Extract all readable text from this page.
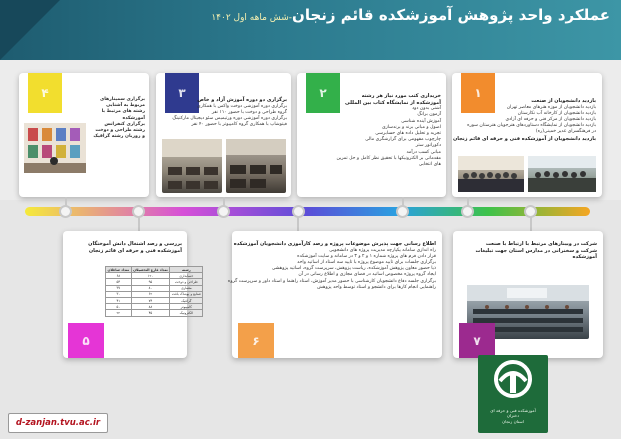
عملکرد واحد پژوهش آموزشکده قائم زنجان-شش ماهه اول ۱۴۰۲
۱
بازدید دانشجویان از صنعت
بازدید دانشجویان از موزه هنرهای معاصر تهران
بازدید دانشجویان از کارخانه آب نکارستان
بازدید دانشجویان از مرکز فنی و حرفه ای آزادی
بازدید دانشجویان از نمایشگاه دستاوردهای هنرجویان هنرستان سوره
در فرهنگسرای غدیر خمینی(ره)
بازدید دانشجویان از آموزشکده فنی و حرفه ای قائم زنجان
۲	خریداری کتب مورد نیاز هر رشته
آموزشکده از نمایشگاه کتاب بین المللی
آشنی بدون دود
آزمون برانگ
آموزش آینده شناسی
اصول و مبانی برند و برندسازی
تجربه و تحلیل داده های حسابرسی
چارچوب مفهومی برای گزارشگری مالی
دکوراتور ستر
مبانی کسب درآمد
مقدماتی بر الکترونیکها با تحقیق نظر کامل و حل تمرین
های انتخابی
۳	برگزاری دو دوره آموزش آزاد و خاص
برگزاری دوره آموزشی دوخت واکس با همکاری
گروه طراحی و دوخت با حضور ۱۱۰ نفر
برگزاری دوره آموزشی دوره ورتیمیس سئو دیجیتال مارکتینگ
فیتوشاپ با همکاری گروه کامپیوتر با حضور ۴۰ نفر
۴	برگزاری سمینارهای
مربوط به آشنایی
رشته های مرتبط با
آموزشکده
برگزاری کنفرانس
رشته طراحی و دوخت
و زوزبان رشته گرافیک
بررسی و رصد اشتغال دانش آموختگان
آموزشکده فنی و حرفه ای قائم زنجان
رشته	تعداد فارغ التحصیلان	تعداد شاغلان
حسابداری	۱۲۰	۶۸
طراحی و دوخت	۹۵	۵۴
معماری	۸۰	۳۷
صنایع و پوشاک بافت	۶۲	۳۰
گرافیک	۷۴	۴۱
کامپیوتر	۸۸	۵۰
الکترونیک	۴۵	۲۲
۵
اطلاع رسانی جهت پذیرش موضوعات پروژه و رصد کارآموزی دانشجویان آموزشکده
راه اندازی سامانه یکپارچه مدیریت پروژه های دانشجویی
قرار دادن فرم های پروژه شماره ۱ و ۲ و ۳ در سامانه و سایت آموزشکده
برگزاری جلسات برای تایید موضوع پروژه با تایید سه استاد از اساتید واحد
ذیا حضور معاون پژوهش آموزشکده، ریاست پژوهش، سرپرست گروه، اساتید پژوهشی
ایجاد گروه پروژه مخصوص اساتید در فضای مجازی و اطلاع رسانی در آن
برگزاری جلسه دفاع دانشجویان کارشناسی با حضور مدیر آموزش، استاد راهنما و استاد داور و سرپرست گروه
راهنمایی انجام کارها برای دانشجو و استاد توسط واحد پژوهش
۶
شرکت در وبینارهای مرتبط با ارتباط با صنعت
شرکت و سخنرانی در مدارس استان جهت تبلیغات
آموزشکده
۷
آموزشکده فنی و حرفه ای
دختران
استان زنجان
d-zanjan.tvu.ac.ir
